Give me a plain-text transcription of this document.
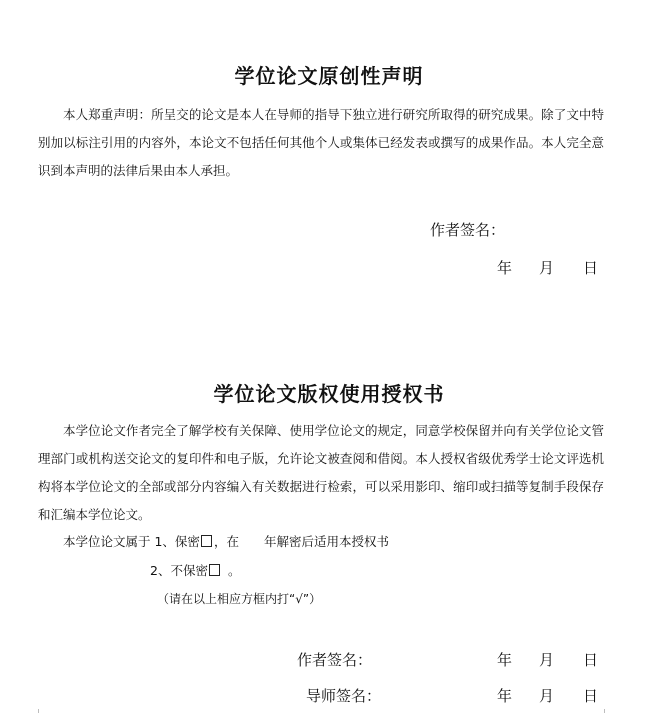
学位论文原创性声明
本人郑重声明：所呈交的论文是本人在导师的指导下独立进行研究所取得的研究成果。除了文中特别加以标注引用的内容外，本论文不包括任何其他个人或集体已经发表或撰写的成果作品。本人完全意识到本声明的法律后果由本人承担。
作者签名：
年 月 日
学位论文版权使用授权书
本学位论文作者完全了解学校有关保障、使用学位论文的规定，同意学校保留并向有关学位论文管理部门或机构送交论文的复印件和电子版，允许论文被查阅和借阅。本人授权省级优秀学士论文评选机构将本学位论文的全部或部分内容编入有关数据进行检索，可以采用影印、缩印或扫描等复制手段保存和汇编本学位论文。
本学位论文属于 1、保密 ，在　　年解密后适用本授权书
2、不保密 。
（请在以上相应方框内打“√”）
作者签名：	年 月 日
导师签名：	年 月 日
